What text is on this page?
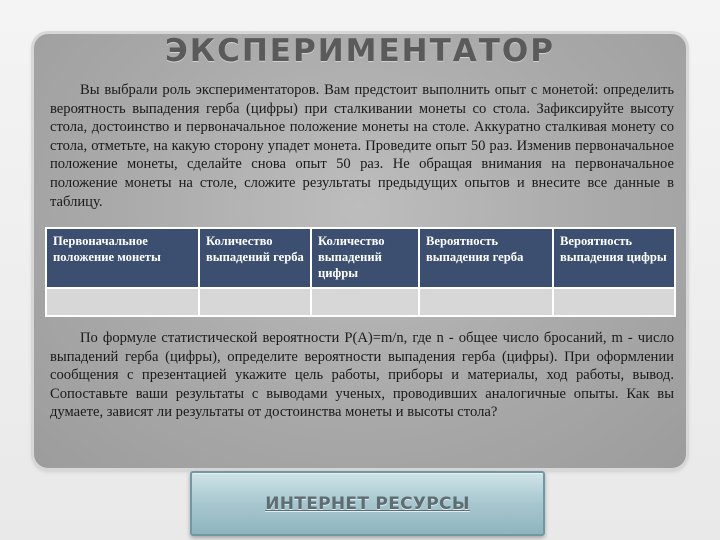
ЭКСПЕРИМЕНТАТОР

Вы выбрали роль экспериментаторов. Вам предстоит выполнить опыт с монетой: определить вероятность выпадения герба (цифры) при сталкивании монеты со стола. Зафиксируйте высоту стола, достоинство и первоначальное положение монеты на столе. Аккуратно сталкивая монету со стола, отметьте, на какую сторону упадет монета. Проведите опыт 50 раз. Изменив первоначальное положение монеты, сделайте снова опыт 50 раз. Не обращая внимания на первоначальное положение монеты на столе, сложите результаты предыдущих опытов и внесите все данные в таблицу.

Первоначальное положение монеты	Количество выпадений герба	Количество выпадений цифры	Вероятность выпадения герба	Вероятность выпадения цифры

По формуле статистической вероятности P(A)=m/n, где n - общее число бросаний, m - число выпадений герба (цифры), определите вероятности выпадения герба (цифры). При оформлении сообщения с презентацией укажите цель работы, приборы и материалы, ход работы, вывод. Сопоставьте ваши результаты с выводами ученых, проводивших аналогичные опыты. Как вы думаете, зависят ли результаты от достоинства монеты и высоты стола?

ИНТЕРНЕТ РЕСУРСЫ
